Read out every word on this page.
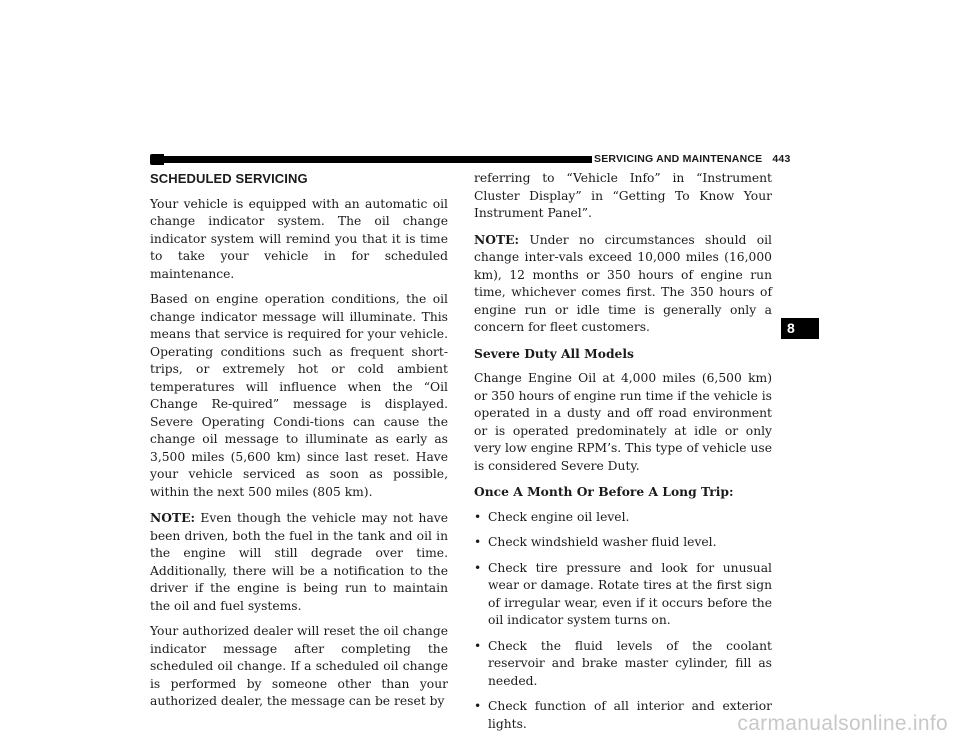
SERVICING AND MAINTENANCE 443
SCHEDULED SERVICING

Your vehicle is equipped with an automatic oil change indicator system. The oil change indicator system will remind you that it is time to take your vehicle in for scheduled maintenance.

Based on engine operation conditions, the oil change indicator message will illuminate. This means that service is required for your vehicle. Operating conditions such as frequent short-trips, or extremely hot or cold ambient temperatures will influence when the “Oil Change Re-quired” message is displayed. Severe Operating Condi-tions can cause the change oil message to illuminate as early as 3,500 miles (5,600 km) since last reset. Have your vehicle serviced as soon as possible, within the next 500 miles (805 km).

NOTE: Even though the vehicle may not have been driven, both the fuel in the tank and oil in the engine will still degrade over time. Additionally, there will be a notification to the driver if the engine is being run to maintain the oil and fuel systems.

Your authorized dealer will reset the oil change indicator message after completing the scheduled oil change. If a scheduled oil change is performed by someone other than your authorized dealer, the message can be reset by

referring to “Vehicle Info” in “Instrument Cluster Display” in “Getting To Know Your Instrument Panel”.

NOTE: Under no circumstances should oil change inter-vals exceed 10,000 miles (16,000 km), 12 months or 350 hours of engine run time, whichever comes first. The 350 hours of engine run or idle time is generally only a concern for fleet customers.

Severe Duty All Models

Change Engine Oil at 4,000 miles (6,500 km) or 350 hours of engine run time if the vehicle is operated in a dusty and off road environment or is operated predominately at idle or only very low engine RPM’s. This type of vehicle use is considered Severe Duty.

Once A Month Or Before A Long Trip:
• Check engine oil level.
• Check windshield washer fluid level.
• Check tire pressure and look for unusual wear or damage. Rotate tires at the first sign of irregular wear, even if it occurs before the oil indicator system turns on.
• Check the fluid levels of the coolant reservoir and brake master cylinder, fill as needed.
• Check function of all interior and exterior lights.
8
carmanualsonline.info
